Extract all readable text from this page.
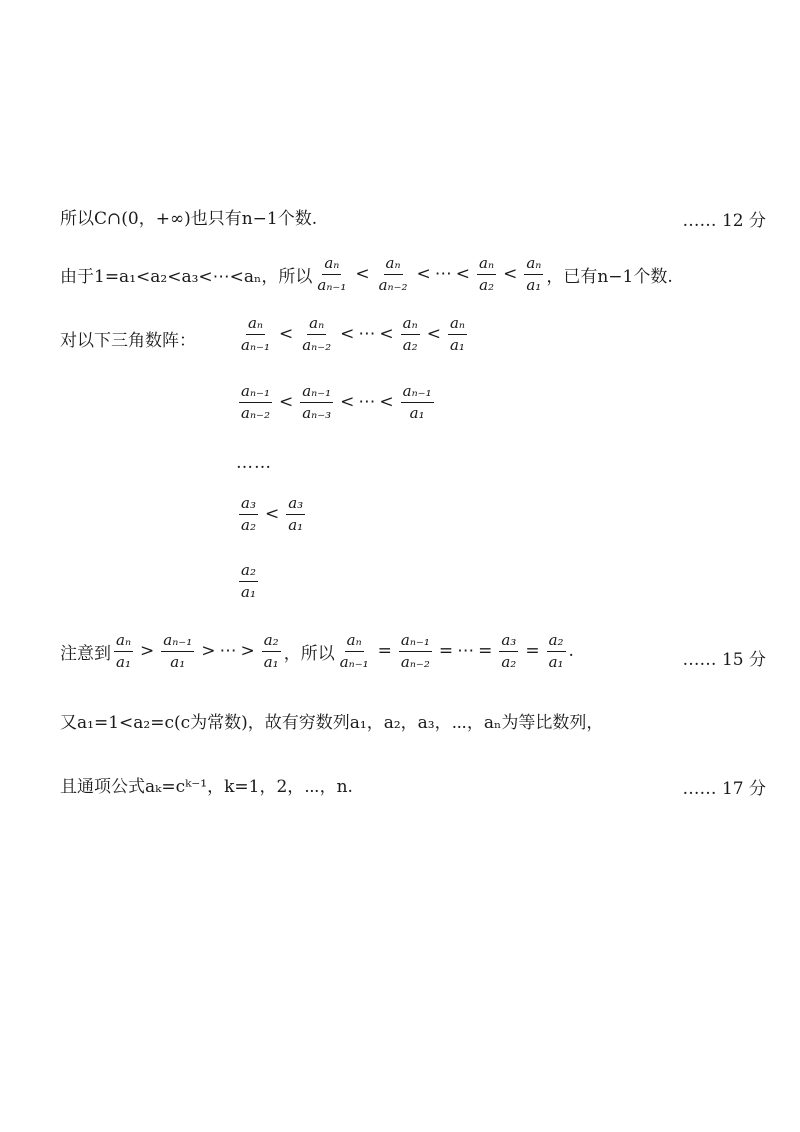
所以C∩(0，+∞)也只有n−1个数.	…… 12 分
由于1=a₁<a₂<a₃<⋯<aₙ，所以 $\frac{\text{aₙ}}{\text{aₙ₋₁}} < \frac{\text{aₙ}}{\text{aₙ₋₂}}$ < ⋯ < $\frac{\text{aₙ}}{\text{a₂}} < \frac{\text{aₙ}}{\text{a₁}}$ ，已有n−1个数.
对以下三角数阵：	$\frac{\text{aₙ}}{\text{aₙ₋₁}} < \frac{\text{aₙ}}{\text{aₙ₋₂}}$ < ⋯ < $\frac{\text{aₙ}}{\text{a₂}} < \frac{\text{aₙ}}{\text{a₁}}$
$\frac{\text{aₙ₋₁}}{\text{aₙ₋₂}} < \frac{\text{aₙ₋₁}}{\text{aₙ₋₃}}$ < ⋯ < $\frac{\text{aₙ₋₁}}{\text{a₁}}$
……
$\frac{\text{a₃}}{\text{a₂}} < \frac{\text{a₃}}{\text{a₁}}$
$\frac{\text{a₂}}{\text{a₁}}$
注意到 $\frac{\text{aₙ}}{\text{a₁}} > \frac{\text{aₙ₋₁}}{\text{a₁}}$ > ⋯ > $\frac{\text{a₂}}{\text{a₁}}$ ，所以 $\frac{\text{aₙ}}{\text{aₙ₋₁}} = \frac{\text{aₙ₋₁}}{\text{aₙ₋₂}}$ = ⋯ = $\frac{\text{a₃}}{\text{a₂}} = \frac{\text{a₂}}{\text{a₁}}$ .	…… 15 分
又a₁=1<a₂=c(c为常数)，故有穷数列a₁，a₂，a₃，⋯，aₙ为等比数列，
且通项公式aₖ=cᵏ⁻¹，k=1，2，⋯，n.	…… 17 分
